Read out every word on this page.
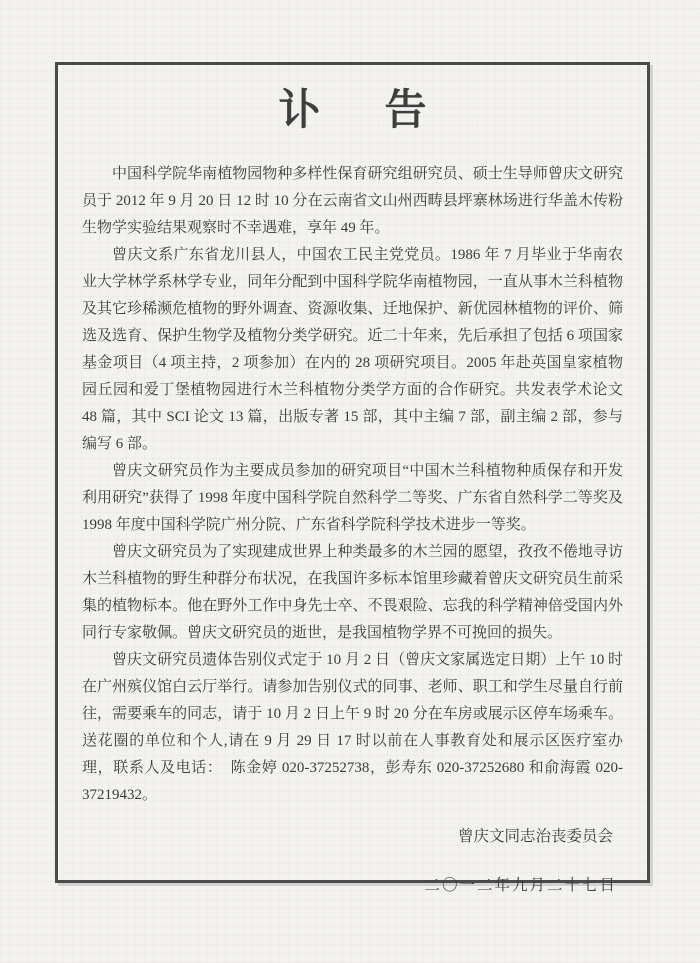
讣 告

中国科学院华南植物园物种多样性保育研究组研究员、硕士生导师曾庆文研究员于 2012 年 9 月 20 日 12 时 10 分在云南省文山州西畴县坪寨林场进行华盖木传粉生物学实验结果观察时不幸遇难，享年 49 年。

曾庆文系广东省龙川县人，中国农工民主党党员。1986 年 7 月毕业于华南农业大学林学系林学专业，同年分配到中国科学院华南植物园，一直从事木兰科植物及其它珍稀濒危植物的野外调查、资源收集、迁地保护、新优园林植物的评价、筛选及选育、保护生物学及植物分类学研究。近二十年来，先后承担了包括 6 项国家基金项目（4 项主持，2 项参加）在内的 28 项研究项目。2005 年赴英国皇家植物园丘园和爱丁堡植物园进行木兰科植物分类学方面的合作研究。共发表学术论文 48 篇，其中 SCI 论文 13 篇，出版专著 15 部，其中主编 7 部，副主编 2 部，参与编写 6 部。

曾庆文研究员作为主要成员参加的研究项目“中国木兰科植物种质保存和开发利用研究”获得了 1998 年度中国科学院自然科学二等奖、广东省自然科学二等奖及 1998 年度中国科学院广州分院、广东省科学院科学技术进步一等奖。

曾庆文研究员为了实现建成世界上种类最多的木兰园的愿望，孜孜不倦地寻访木兰科植物的野生种群分布状况，在我国许多标本馆里珍藏着曾庆文研究员生前采集的植物标本。他在野外工作中身先士卒、不畏艰险、忘我的科学精神倍受国内外同行专家敬佩。曾庆文研究员的逝世，是我国植物学界不可挽回的损失。

曾庆文研究员遗体告别仪式定于 10 月 2 日（曾庆文家属选定日期）上午 10 时在广州殡仪馆白云厅举行。请参加告别仪式的同事、老师、职工和学生尽量自行前往，需要乘车的同志，请于 10 月 2 日上午 9 时 20 分在车房或展示区停车场乘车。送花圈的单位和个人,请在 9 月 29 日 17 时以前在人事教育处和展示区医疗室办理，联系人及电话：　陈金婷 020-37252738，彭寿东 020-37252680 和俞海霞 020-37219432。

曾庆文同志治丧委员会
二〇一二年九月二十七日
